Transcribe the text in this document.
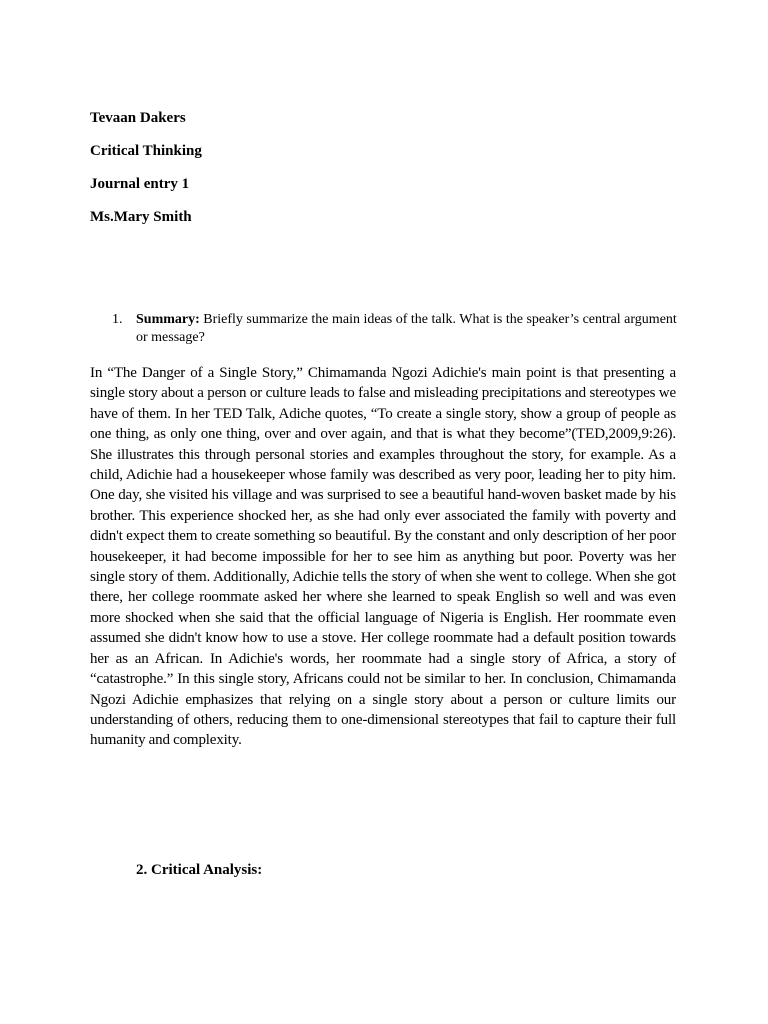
Tevaan Dakers
Critical Thinking
Journal entry 1
Ms.Mary Smith
1. Summary: Briefly summarize the main ideas of the talk. What is the speaker’s central argument or message?
In “The Danger of a Single Story,” Chimamanda Ngozi Adichie's main point is that presenting a single story about a person or culture leads to false and misleading precipitations and stereotypes we have of them. In her TED Talk, Adiche quotes, “To create a single story, show a group of people as one thing, as only one thing, over and over again, and that is what they become”(TED,2009,9:26). She illustrates this through personal stories and examples throughout the story, for example. As a child, Adichie had a housekeeper whose family was described as very poor, leading her to pity him. One day, she visited his village and was surprised to see a beautiful hand-woven basket made by his brother. This experience shocked her, as she had only ever associated the family with poverty and didn't expect them to create something so beautiful. By the constant and only description of her poor housekeeper, it had become impossible for her to see him as anything but poor. Poverty was her single story of them. Additionally, Adichie tells the story of when she went to college. When she got there, her college roommate asked her where she learned to speak English so well and was even more shocked when she said that the official language of Nigeria is English. Her roommate even assumed she didn't know how to use a stove. Her college roommate had a default position towards her as an African. In Adichie's words, her roommate had a single story of Africa, a story of “catastrophe.” In this single story, Africans could not be similar to her. In conclusion, Chimamanda Ngozi Adichie emphasizes that relying on a single story about a person or culture limits our understanding of others, reducing them to one-dimensional stereotypes that fail to capture their full humanity and complexity.
2. Critical Analysis:
